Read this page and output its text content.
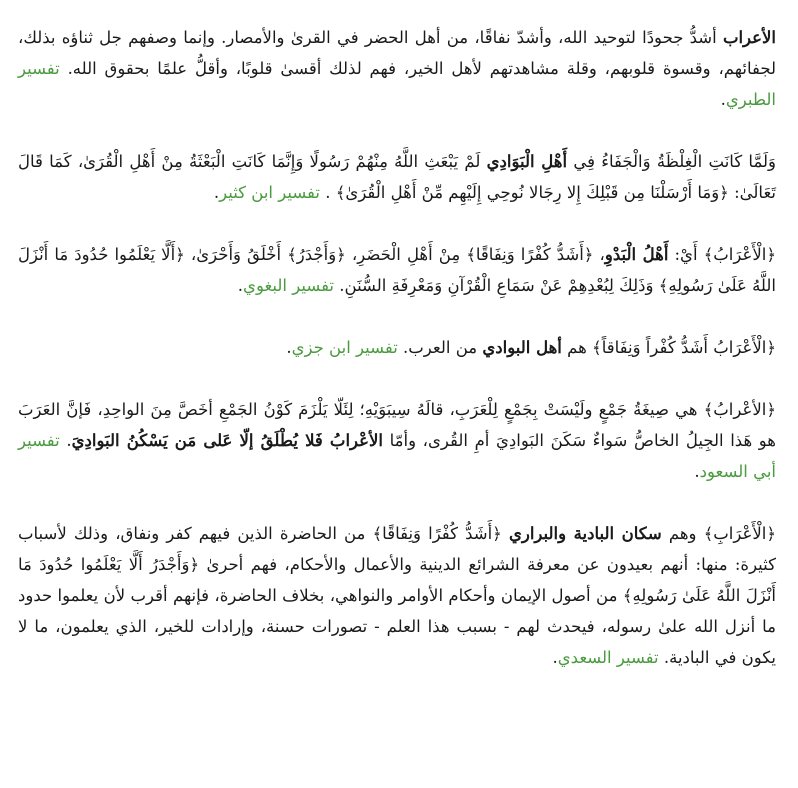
الأعراب أشدُّ جحودًا لتوحيد الله، وأشدّ نفاقًا، من أهل الحضر في القرىٰ والأمصار. وإنما وصفهم جل ثناؤه بذلك، لجفائهم، وقسوة قلوبهم، وقلة مشاهدتهم لأهل الخير، فهم لذلك أقسىٰ قلوبًا، وأقلُّ علمًا بحقوق الله. تفسير الطبري.

وَلَمَّا كَانَتِ الْغِلْظَةُ وَالْجَفَاءُ فِي أَهْلِ الْبَوَادِي لَمْ يَبْعَثِ اللَّهُ مِنْهُمْ رَسُولًا وَإِنَّمَا كَانَتِ الْبَعْثَةُ مِنْ أَهْلِ الْقُرَىٰ، كَمَا قَالَ تَعَالَىٰ: ﴿وَمَا أَرْسَلْنَا مِن قَبْلِكَ إِلا رِجَالا نُوحِي إِلَيْهِم مِّنْ أَهْلِ الْقُرَىٰ﴾ . تفسير ابن كثير.

﴿الْأَعْرَابُ﴾ أَيْ: أَهْلُ الْبَدْوِ، ﴿أَشَدُّ كُفْرًا وَنِفَاقًا﴾ مِنْ أَهْلِ الْحَضَرِ، ﴿وَأَجْدَرُ﴾ أَخْلَقُ وَأَحْرَىٰ، ﴿أَلَّا يَعْلَمُوا حُدُودَ مَا أَنْزَلَ اللَّهُ عَلَىٰ رَسُولِهِ﴾ وَذَلِكَ لِبُعْدِهِمْ عَنْ سَمَاعِ الْقُرْآنِ وَمَعْرِفَةِ السُّنَنِ. تفسير البغوي.

﴿الْأَعْرَابُ أَشَدُّ كُفْراً وَنِفَاقاً﴾ هم أهل البوادي من العرب. تفسير ابن جزي.

﴿الأعْرابُ﴾ هي صِيغَةُ جَمْعٍ ولَيْسَتْ بِجَمْعٍ لِلْعَرَبِ، قالَهُ سِيبَوَيْهِ؛ لِئَلّا يَلْزَمَ كَوْنُ الجَمْعِ أخَصَّ مِنَ الواحِدِ، فَإنَّ العَرَبَ هو هَذا الجِيلُ الخاصُّ سَواءٌ سَكَنَ البَوادِيَ أمِ القُرى، وأمّا الأعْرابُ فَلا يُطْلَقُ إلّا عَلى مَن يَسْكُنُ البَوادِيَ. تفسير أبي السعود.

﴿الْأَعْرَابِ﴾ وهم سكان البادية والبراري ﴿أَشَدُّ كُفْرًا وَنِفَاقًا﴾ من الحاضرة الذين فيهم كفر ونفاق، وذلك لأسباب كثيرة: منها: أنهم بعيدون عن معرفة الشرائع الدينية والأعمال والأحكام، فهم أحرىٰ ﴿وَأَجْدَرُ أَلَّا يَعْلَمُوا حُدُودَ مَا أَنْزَلَ اللَّهُ عَلَىٰ رَسُولِهِ﴾ من أصول الإيمان وأحكام الأوامر والنواهي، بخلاف الحاضرة، فإنهم أقرب لأن يعلموا حدود ما أنزل الله علىٰ رسوله، فيحدث لهم - بسبب هذا العلم - تصورات حسنة، وإرادات للخير، الذي يعلمون، ما لا يكون في البادية. تفسير السعدي.
